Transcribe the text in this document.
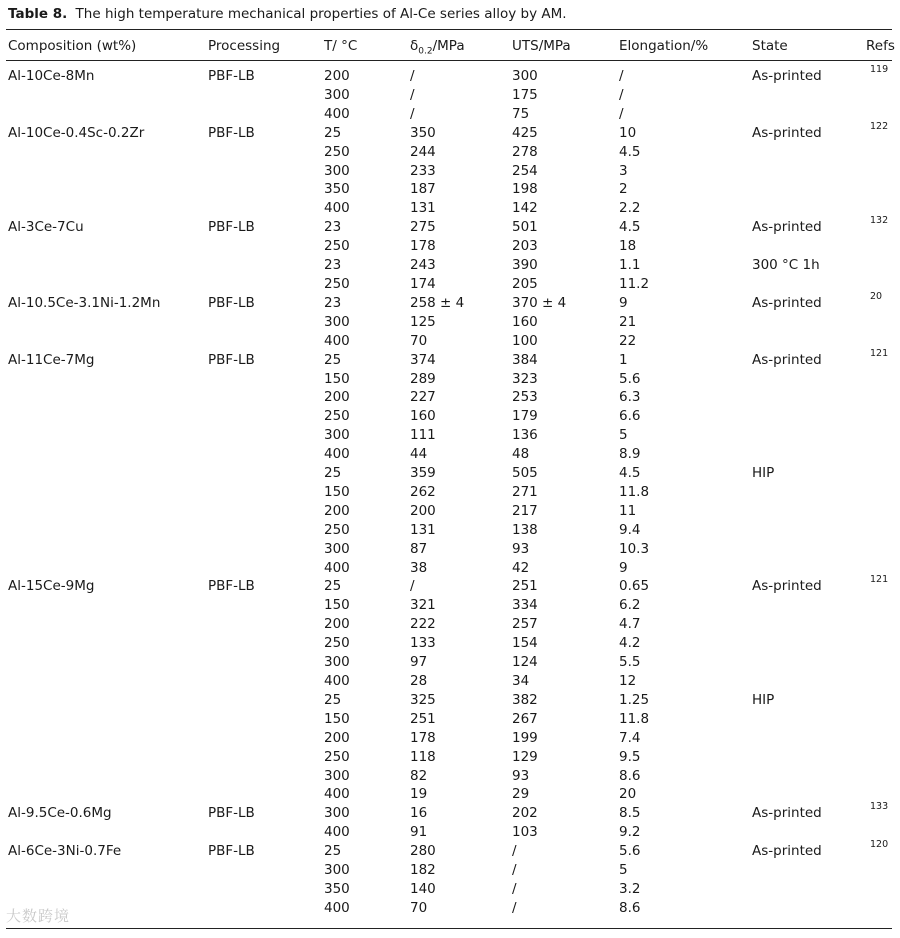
Table 8. The high temperature mechanical properties of Al-Ce series alloy by AM.
Composition (wt%)	Processing	T/ °C	$\delta_{0.2}$/MPa	UTS/MPa	Elongation/%	State	Refs
Al-10Ce-8Mn	PBF-LB	200	/	300	/	As-printed	119
300	/	175	/
400	/	75	/
Al-10Ce-0.4Sc-0.2Zr	PBF-LB	25	350	425	10	As-printed	122
250	244	278	4.5
300	233	254	3
350	187	198	2
400	131	142	2.2
Al-3Ce-7Cu	PBF-LB	23	275	501	4.5	As-printed	132
250	178	203	18
23	243	390	1.1	300 °C 1h
250	174	205	11.2
Al-10.5Ce-3.1Ni-1.2Mn	PBF-LB	23	258 ± 4	370 ± 4	9	As-printed	20
300	125	160	21
400	70	100	22
Al-11Ce-7Mg	PBF-LB	25	374	384	1	As-printed	121
150	289	323	5.6
200	227	253	6.3
250	160	179	6.6
300	111	136	5
400	44	48	8.9
25	359	505	4.5	HIP
150	262	271	11.8
200	200	217	11
250	131	138	9.4
300	87	93	10.3
400	38	42	9
Al-15Ce-9Mg	PBF-LB	25	/	251	0.65	As-printed	121
150	321	334	6.2
200	222	257	4.7
250	133	154	4.2
300	97	124	5.5
400	28	34	12
25	325	382	1.25	HIP
150	251	267	11.8
200	178	199	7.4
250	118	129	9.5
300	82	93	8.6
400	19	29	20
Al-9.5Ce-0.6Mg	PBF-LB	300	16	202	8.5	As-printed	133
400	91	103	9.2
Al-6Ce-3Ni-0.7Fe	PBF-LB	25	280	/	5.6	As-printed	120
300	182	/	5
350	140	/	3.2
400	70	/	8.6
大数跨境
